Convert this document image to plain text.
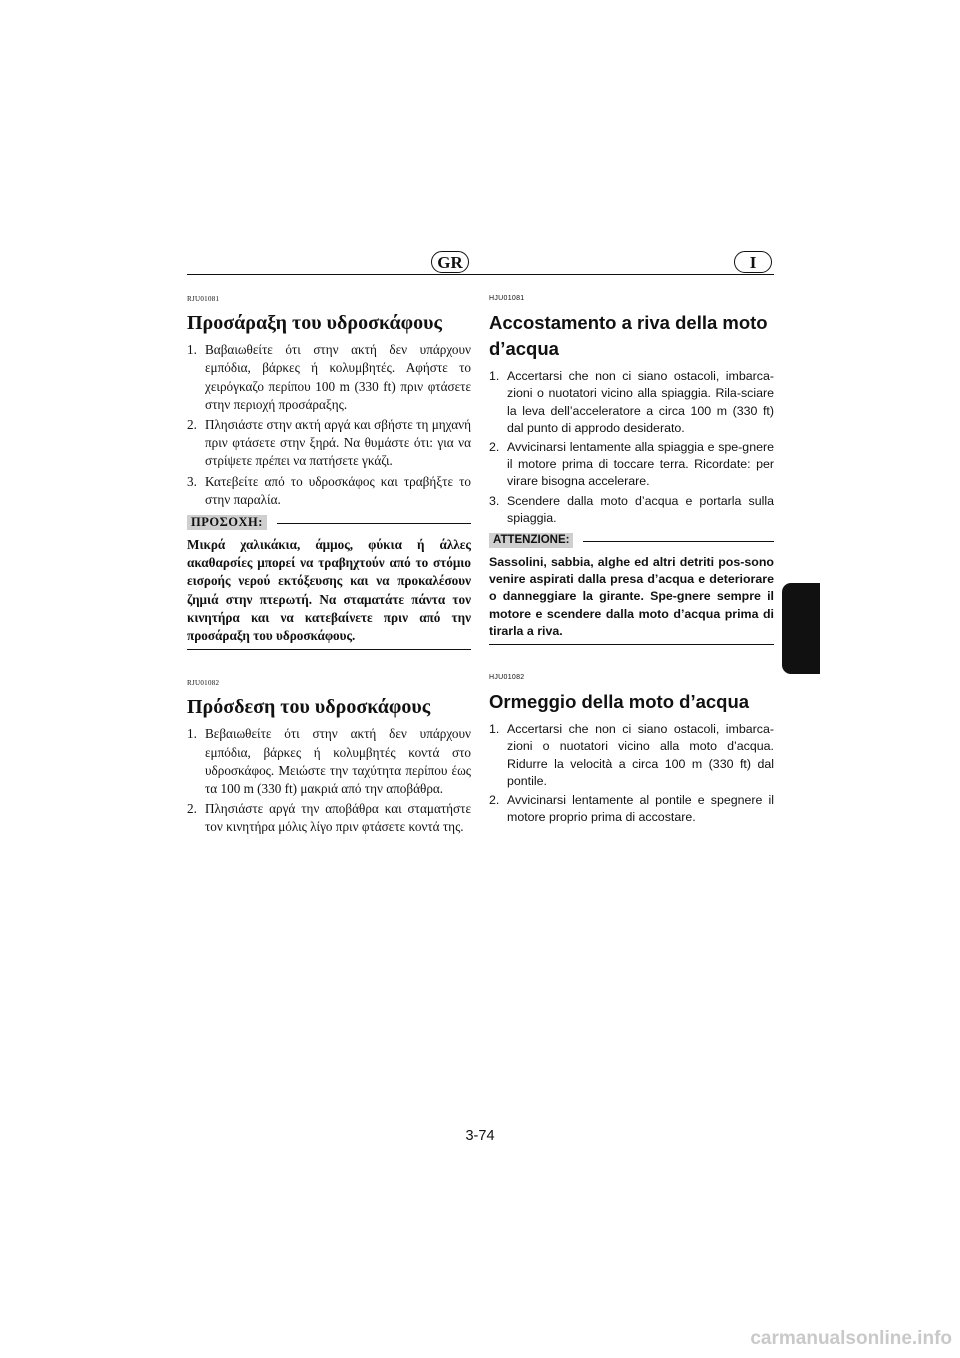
GR	I
RJU01081
Προσάραξη του υδροσκάφους
1. Βαβαιωθείτε ότι στην ακτή δεν υπάρχουν εμπόδια, βάρκες ή κολυμβητές. Αφήστε το χειρόγκαζο περίπου 100 m (330 ft) πριν φτάσετε στην περιοχή προσάραξης.
2. Πλησιάστε στην ακτή αργά και σβήστε τη μηχανή πριν φτάσετε στην ξηρά. Να θυμάστε ότι: για να στρίψετε πρέπει να πατήσετε γκάζι.
3. Κατεβείτε από το υδροσκάφος και τραβήξτε το στην παραλία.
ΠΡΟΣΟΧΗ:
Μικρά χαλικάκια, άμμος, φύκια ή άλλες ακαθαρσίες μπορεί να τραβηχτούν από το στόμιο εισροής νερού εκτόξευσης και να προκαλέσουν ζημιά στην πτερωτή. Να σταματάτε πάντα τον κινητήρα και να κατεβαίνετε πριν από την προσάραξη του υδροσκάφους.
RJU01082
Πρόσδεση του υδροσκάφους
1. Βεβαιωθείτε ότι στην ακτή δεν υπάρχουν εμπόδια, βάρκες ή κολυμβητές κοντά στο υδροσκάφος. Μειώστε την ταχύτητα περίπου έως τα 100 m (330 ft) μακριά από την αποβάθρα.
2. Πλησιάστε αργά την αποβάθρα και σταματήστε τον κινητήρα μόλις λίγο πριν φτάσετε κοντά της.
HJU01081
Accostamento a riva della moto d’acqua
1. Accertarsi che non ci siano ostacoli, imbarca-zioni o nuotatori vicino alla spiaggia. Rila-sciare la leva dell’acceleratore a circa 100 m (330 ft) dal punto di approdo desiderato.
2. Avvicinarsi lentamente alla spiaggia e spe-gnere il motore prima di toccare terra. Ricordate: per virare bisogna accelerare.
3. Scendere dalla moto d’acqua e portarla sulla spiaggia.
ATTENZIONE:
Sassolini, sabbia, alghe ed altri detriti pos-sono venire aspirati dalla presa d’acqua e deteriorare o danneggiare la girante. Spe-gnere sempre il motore e scendere dalla moto d’acqua prima di tirarla a riva.
HJU01082
Ormeggio della moto d’acqua
1. Accertarsi che non ci siano ostacoli, imbarca-zioni o nuotatori vicino alla moto d’acqua. Ridurre la velocità a circa 100 m (330 ft) dal pontile.
2. Avvicinarsi lentamente al pontile e spegnere il motore proprio prima di accostare.
3-74
carmanualsonline.info
